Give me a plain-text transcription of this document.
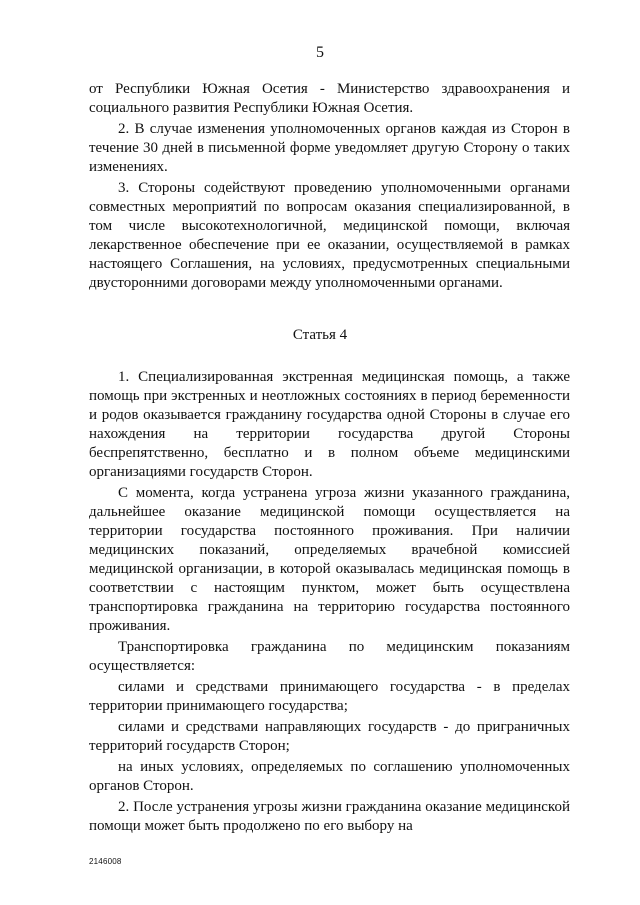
5

от Республики Южная Осетия - Министерство здравоохранения и социального развития Республики Южная Осетия.

2. В случае изменения уполномоченных органов каждая из Сторон в течение 30 дней в письменной форме уведомляет другую Сторону о таких изменениях.

3. Стороны содействуют проведению уполномоченными органами совместных мероприятий по вопросам оказания специализированной, в том числе высокотехнологичной, медицинской помощи, включая лекарственное обеспечение при ее оказании, осуществляемой в рамках настоящего Соглашения, на условиях, предусмотренных специальными двусторонними договорами между уполномоченными органами.

Статья 4

1. Специализированная экстренная медицинская помощь, а также помощь при экстренных и неотложных состояниях в период беременности и родов оказывается гражданину государства одной Стороны в случае его нахождения на территории государства другой Стороны беспрепятственно, бесплатно и в полном объеме медицинскими организациями государств Сторон.

С момента, когда устранена угроза жизни указанного гражданина, дальнейшее оказание медицинской помощи осуществляется на территории государства постоянного проживания. При наличии медицинских показаний, определяемых врачебной комиссией медицинской организации, в которой оказывалась медицинская помощь в соответствии с настоящим пунктом, может быть осуществлена транспортировка гражданина на территорию государства постоянного проживания.

Транспортировка гражданина по медицинским показаниям осуществляется:

силами и средствами принимающего государства - в пределах территории принимающего государства;

силами и средствами направляющих государств - до приграничных территорий государств Сторон;

на иных условиях, определяемых по соглашению уполномоченных органов Сторон.

2. После устранения угрозы жизни гражданина оказание медицинской помощи может быть продолжено по его выбору на

2146008
